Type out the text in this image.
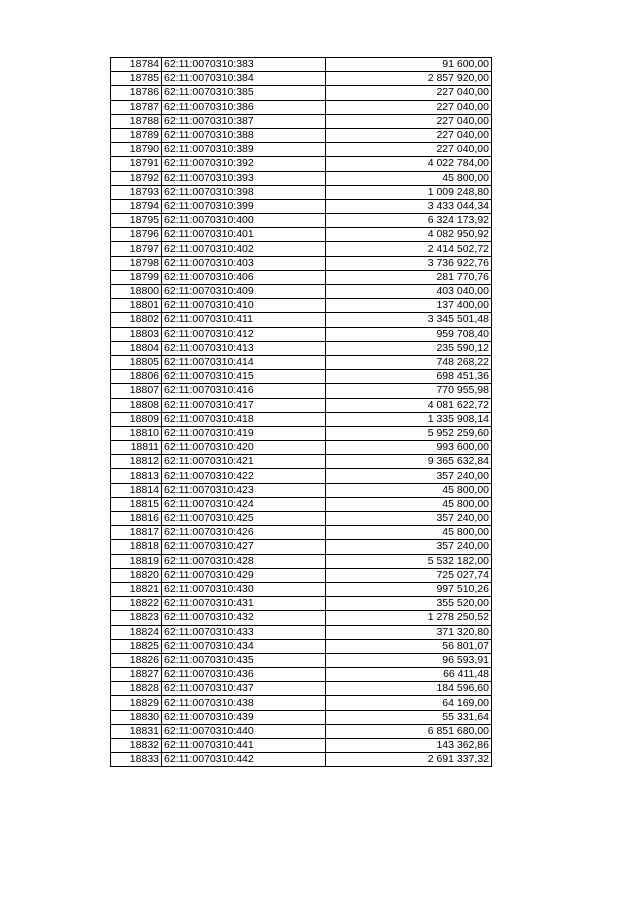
18784	62:11:0070310:383	91 600,00
18785	62:11:0070310:384	2 857 920,00
18786	62:11:0070310:385	227 040,00
18787	62:11:0070310:386	227 040,00
18788	62:11:0070310:387	227 040,00
18789	62:11:0070310:388	227 040,00
18790	62:11:0070310:389	227 040,00
18791	62:11:0070310:392	4 022 784,00
18792	62:11:0070310:393	45 800,00
18793	62:11:0070310:398	1 009 248,80
18794	62:11:0070310:399	3 433 044,34
18795	62:11:0070310:400	6 324 173,92
18796	62:11:0070310:401	4 082 950,92
18797	62:11:0070310:402	2 414 502,72
18798	62:11:0070310:403	3 736 922,76
18799	62:11:0070310:406	281 770,76
18800	62:11:0070310:409	403 040,00
18801	62:11:0070310:410	137 400,00
18802	62:11:0070310:411	3 345 501,48
18803	62:11:0070310:412	959 708,40
18804	62:11:0070310:413	235 590,12
18805	62:11:0070310:414	748 268,22
18806	62:11:0070310:415	698 451,36
18807	62:11:0070310:416	770 955,98
18808	62:11:0070310:417	4 081 622,72
18809	62:11:0070310:418	1 335 908,14
18810	62:11:0070310:419	5 952 259,60
18811	62:11:0070310:420	993 600,00
18812	62:11:0070310:421	9 365 632,84
18813	62:11:0070310:422	357 240,00
18814	62:11:0070310:423	45 800,00
18815	62:11:0070310:424	45 800,00
18816	62:11:0070310:425	357 240,00
18817	62:11:0070310:426	45 800,00
18818	62:11:0070310:427	357 240,00
18819	62:11:0070310:428	5 532 182,00
18820	62:11:0070310:429	725 027,74
18821	62:11:0070310:430	997 510,26
18822	62:11:0070310:431	355 520,00
18823	62:11:0070310:432	1 278 250,52
18824	62:11:0070310:433	371 320,80
18825	62:11:0070310:434	56 801,07
18826	62:11:0070310:435	96 593,91
18827	62:11:0070310:436	66 411,48
18828	62:11:0070310:437	184 596,60
18829	62:11:0070310:438	64 169,00
18830	62:11:0070310:439	55 331,64
18831	62:11:0070310:440	6 851 680,00
18832	62:11:0070310:441	143 362,86
18833	62:11:0070310:442	2 691 337,32
